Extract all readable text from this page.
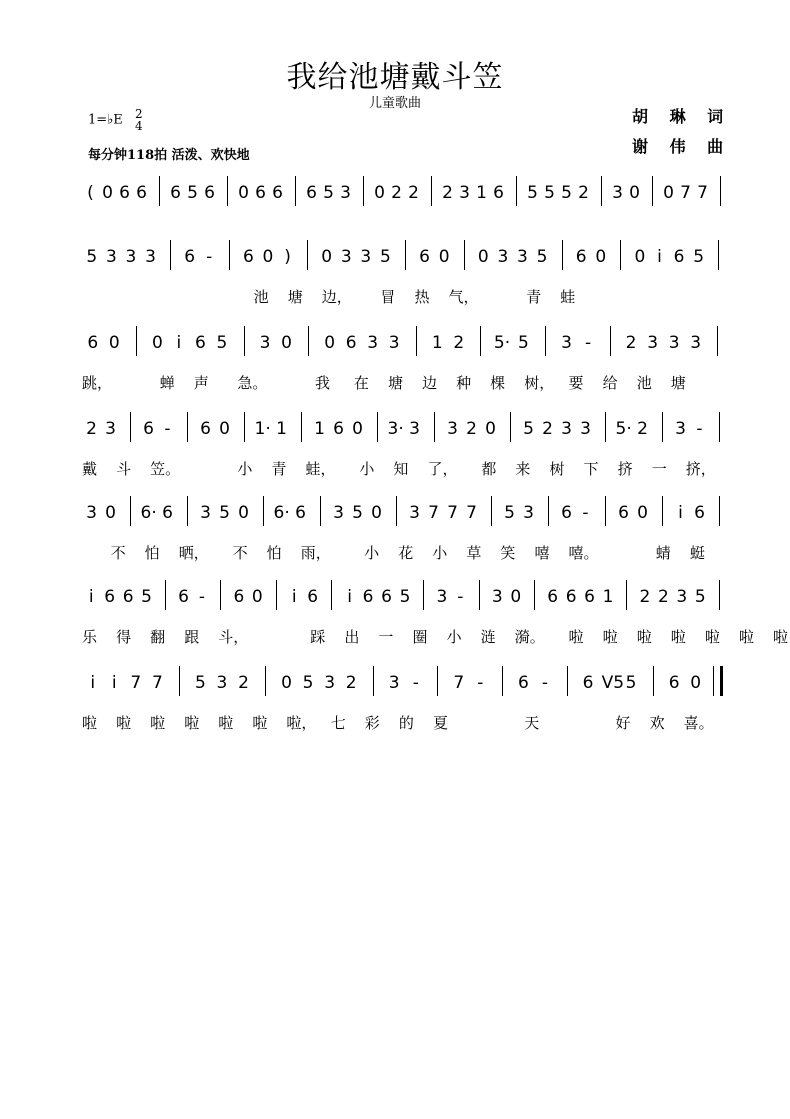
我给池塘戴斗笠
儿童歌曲
1=♭E 2
4
每分钟118拍 活泼、欢快地
胡 琳 词
谢 伟 曲
( 0 6 6 6 5 6 0 6 6 6 5 3 0 2 2 2 3 1 6 5 5 5 2 3 0 0 7 7
5 3 3 3 6 - 6 0 ) 0 3 3 5 6 0 0 3 3 5 6 0 0 i 6 5
池    塘    边，      冒    热    气，          青    蛙
6 0 0 i 6 5 3 0 0 6 3 3 1 2 5· 5 3 - 2 3 3 3
跳，          蝉    声      急。          我     在    塘    边    种    棵    树，   要    给    池    塘
2 3 6 - 6 0 1· 1 1 6 0 3· 3 3 2 0 5 2 3 3 5· 2 3 -
戴    斗    笠。            小    青    蛙，     小    知    了，     都    来    树    下    挤    一    挤，
3 0 6· 6 3 5 0 6· 6 3 5 0 3 7 7 7 5 3 6 - 6 0	i 6
不    怕    晒，     不    怕    雨，       小    花    小    草    笑    嘻    嘻。            蜻    蜓
i 6 6 5 6 - 6 0	i 6	i 6 6 5 3 - 3 0 6 6 6 1 2 2 3 5
乐    得    翻    跟    斗，             踩    出    一    圈    小    涟    漪。     啦    啦    啦    啦    啦    啦    啦
i i 7 7 5 3 2 0 5 3 2 3 - 7 - 6 - 6 V5 5 6 0
啦    啦    啦    啦    啦    啦    啦，   七    彩    的    夏                天                好    欢    喜。
